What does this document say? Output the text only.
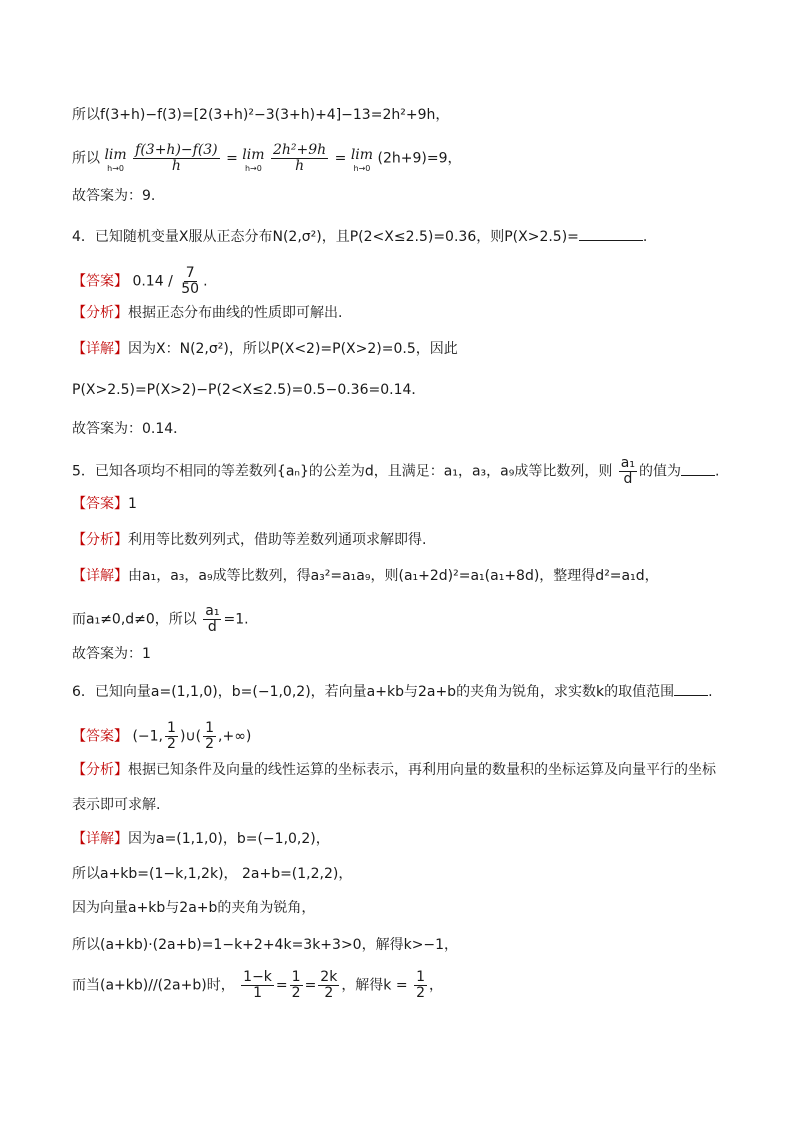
所以f(3+h)−f(3)=[2(3+h)²−3(3+h)+4]−13=2h²+9h，
所以 lim
h→0
$\frac{f(3+h)-f(3)}{h} = \lim$
h→0
$\frac{\text{2h²+9h}}{h} = \lim$
h→0
(2h+9)=9，
故答案为：9.
4．已知随机变量X服从正态分布N(2,σ²)，且P(2<X≤2.5)=0.36，则P(X>2.5)=	.
【答案】 $0.14 / \frac{7}{50}$ .
【分析】根据正态分布曲线的性质即可解出.
【详解】因为X：N(2,σ²)，所以P(X<2)=P(X>2)=0.5，因此
P(X>2.5)=P(X>2)−P(2<X≤2.5)=0.5−0.36=0.14．
故答案为：0.14．
5．已知各项均不相同的等差数列{aₙ}的公差为d，且满足：a₁，a₃，a₉成等比数列，则 $\frac{\text{a₁}}{d}$ 的值为 .
【答案】1
【分析】利用等比数列列式，借助等差数列通项求解即得.
【详解】由a₁，a₃，a₉成等比数列，得a₃²=a₁a₉，则(a₁+2d)²=a₁(a₁+8d)，整理得d²=a₁d，
而a₁≠0,d≠0，所以 $\frac{\text{a₁}}{d} =1$.
故答案为：1
6．已知向量a=(1,1,0)，b=(−1,0,2)，若向量a+kb与2a+b的夹角为锐角，求实数k的取值范围 .
【答案】 (−1, $\frac{1}{2}$ )∪( $\frac{1}{2}$ ,+∞)
【分析】根据已知条件及向量的线性运算的坐标表示，再利用向量的数量积的坐标运算及向量平行的坐标
表示即可求解.
【详解】因为a=(1,1,0)，b=(−1,0,2)，
所以a+kb=(1−k,1,2k)， 2a+b=(1,2,2)，
因为向量a+kb与2a+b的夹角为锐角，
所以(a+kb)·(2a+b)=1−k+2+4k=3k+3>0，解得k>−1，
而当(a+kb)//(2a+b)时， $\frac{1-k}{1} = \frac{1}{2} = \frac{2k}{2}$ ，解得$k = \frac{1}{2}$ ，
